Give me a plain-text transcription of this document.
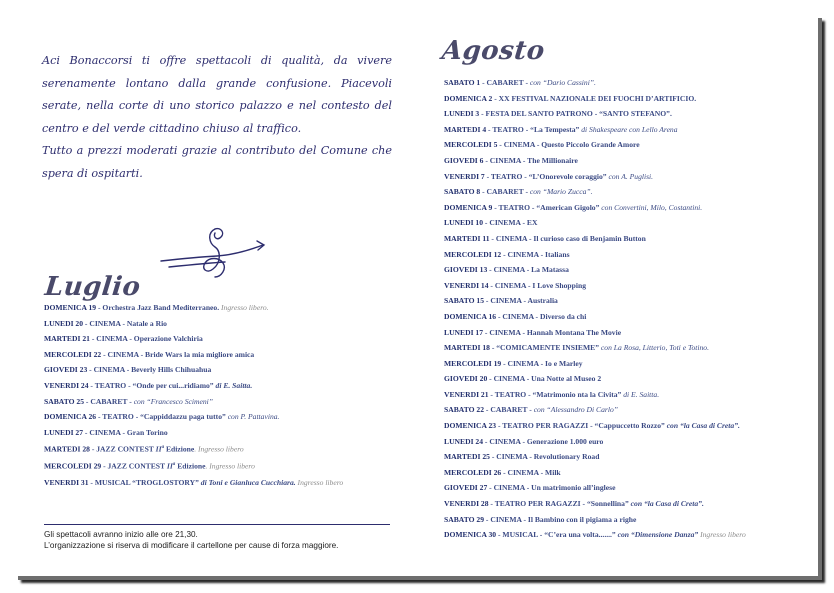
Aci Bonaccorsi ti offre spettacoli di qualità, da vivere serenamente lontano dalla grande confusione. Piacevoli serate, nella corte di uno storico palazzo e nel contesto del centro e del verde cittadino chiuso al traffico.

Tutto a prezzi moderati grazie al contributo del Comune che spera di ospitarti.

Luglio
DOMENICA 19 - Orchestra Jazz Band Mediterraneo. Ingresso libero.
LUNEDI 20 - CINEMA - Natale a Rio
MARTEDI 21 - CINEMA - Operazione Valchiria
MERCOLEDI 22 - CINEMA - Bride Wars la mia migliore amica
GIOVEDI 23 - CINEMA - Beverly Hills Chihuahua
VENERDI 24 - TEATRO - “Onde per cui...ridiamo” di E. Saitta.
SABATO 25 - CABARET - con “Francesco Scimeni”
DOMENICA 26 - TEATRO - “Cappiddazzu paga tutto” con P. Pattavina.
LUNEDI 27 - CINEMA - Gran Torino
MARTEDI 28 - JAZZ CONTEST $II^a$ Edizione. Ingresso libero
MERCOLEDI 29 - JAZZ CONTEST $II^a$ Edizione. Ingresso libero
VENERDI 31 - MUSICAL “TROGLOSTORY” di Toni e Gianluca Cucchiara. Ingresso libero

Gli spettacoli avranno inizio alle ore 21,30.

L’organizzazione si riserva di modificare il cartellone per cause di forza maggiore.

Agosto
SABATO 1 - CABARET - con “Dario Cassini”.
DOMENICA 2 - XX FESTIVAL NAZIONALE DEI FUOCHI D’ARTIFICIO.
LUNEDI 3 - FESTA DEL SANTO PATRONO - “SANTO STEFANO”.
MARTEDI 4 - TEATRO - “La Tempesta” di Shakespeare con Lello Arena
MERCOLEDI 5 - CINEMA - Questo Piccolo Grande Amore
GIOVEDI 6 - CINEMA - The Millionaire
VENERDI 7 - TEATRO - “L’Onorevole coraggio” con A. Puglisi.
SABATO 8 - CABARET - con “Mario Zucca”.
DOMENICA 9 - TEATRO - “American Gigolo” con Convertini, Milo, Costantini.
LUNEDI 10 - CINEMA - EX
MARTEDI 11 - CINEMA - Il curioso caso di Benjamin Button
MERCOLEDI 12 - CINEMA - Italians
GIOVEDI 13 - CINEMA - La Matassa
VENERDI 14 - CINEMA - I Love Shopping
SABATO 15 - CINEMA - Australia
DOMENICA 16 - CINEMA - Diverso da chi
LUNEDI 17 - CINEMA - Hannah Montana The Movie
MARTEDI 18 - “COMICAMENTE INSIEME” con La Rosa, Litterio, Toti e Totino.
MERCOLEDI 19 - CINEMA - Io e Marley
GIOVEDI 20 - CINEMA - Una Notte al Museo 2
VENERDI 21 - TEATRO - “Matrimonio nta la Civita” di E. Saitta.
SABATO 22 - CABARET - con “Alessandro Di Carlo”
DOMENICA 23 - TEATRO PER RAGAZZI - “Cappuccetto Rozzo” con “la Casa di Creta”.
LUNEDI 24 - CINEMA - Generazione 1.000 euro
MARTEDI 25 - CINEMA - Revolutionary Road
MERCOLEDI 26 - CINEMA - Milk
GIOVEDI 27 - CINEMA - Un matrimonio all’inglese
VENERDI 28 - TEATRO PER RAGAZZI - “Sonnellina” con “la Casa di Creta”.
SABATO 29 - CINEMA - Il Bambino con il pigiama a righe
DOMENICA 30 - MUSICAL - “C’era una volta.......” con “Dimensione Danza” Ingresso libero
